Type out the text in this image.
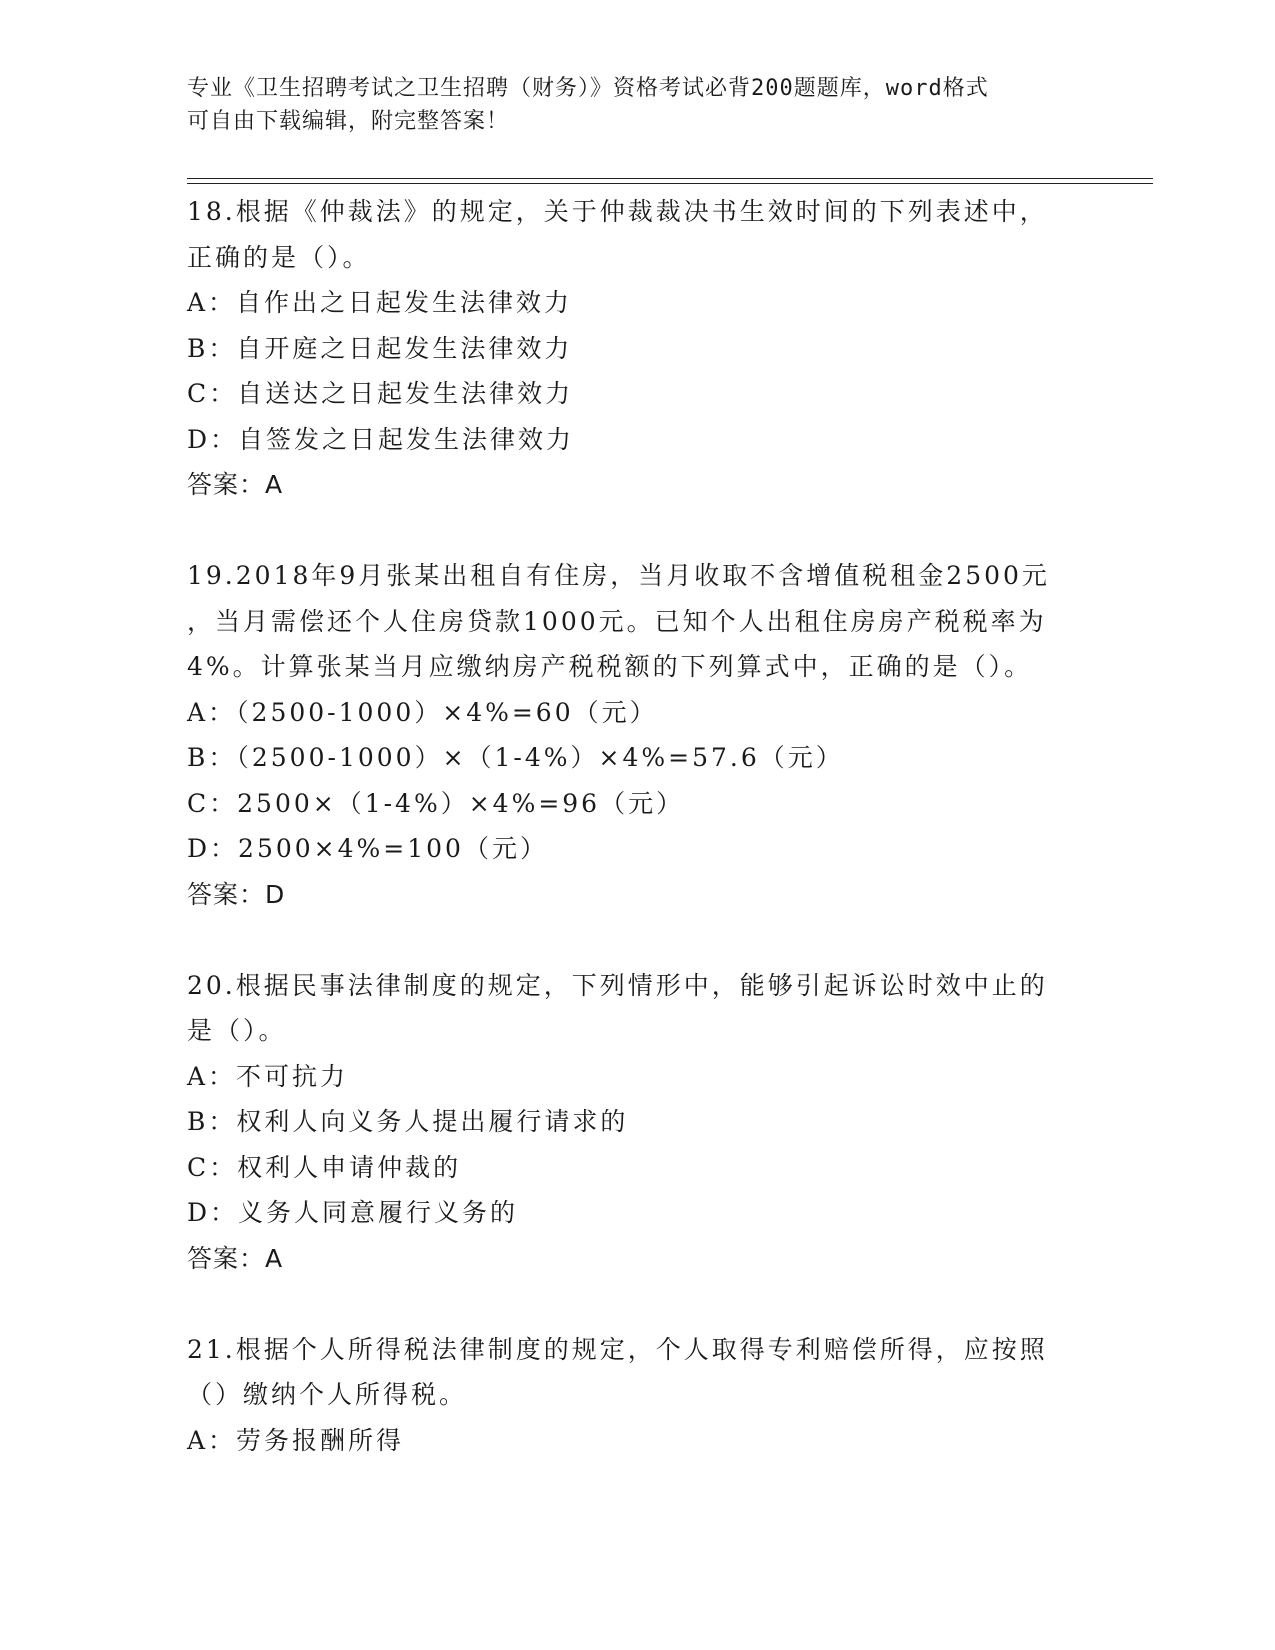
专业《卫生招聘考试之卫生招聘（财务）》资格考试必背200题题库，word格式
可自由下载编辑，附完整答案！
18.根据《仲裁法》的规定，关于仲裁裁决书生效时间的下列表述中，
正确的是（）。
A：自作出之日起发生法律效力
B：自开庭之日起发生法律效力
C：自送达之日起发生法律效力
D：自签发之日起发生法律效力
答案：A
19.2018年9月张某出租自有住房，当月收取不含增值税租金2500元
，当月需偿还个人住房贷款1000元。已知个人出租住房房产税税率为
4%。计算张某当月应缴纳房产税税额的下列算式中，正确的是（）。
A：（2500-1000）×4%=60（元）
B：（2500-1000）×（1-4%）×4%=57.6（元）
C：2500×（1-4%）×4%=96（元）
D：2500×4%=100（元）
答案：D
20.根据民事法律制度的规定，下列情形中，能够引起诉讼时效中止的
是（）。
A：不可抗力
B：权利人向义务人提出履行请求的
C：权利人申请仲裁的
D：义务人同意履行义务的
答案：A
21.根据个人所得税法律制度的规定，个人取得专利赔偿所得，应按照
（）缴纳个人所得税。
A：劳务报酬所得
